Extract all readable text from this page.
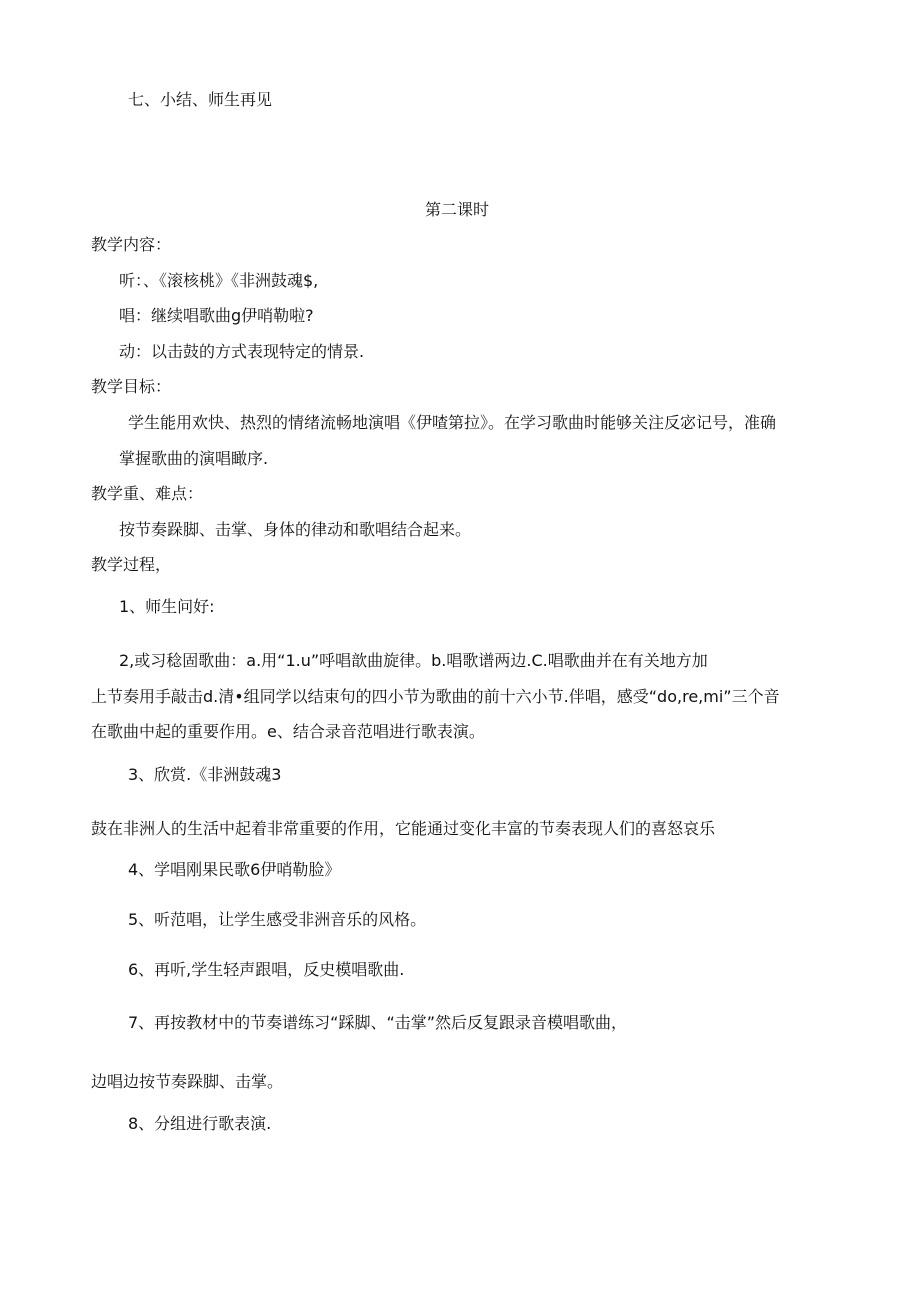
七、小结、师生再见
第二课时
教学内容：
听：、《滚核桃》《非洲鼓魂$,
唱：继续唱歌曲g伊哨勒啦?
动：以击鼓的方式表现特定的情景.
教学目标：
学生能用欢快、热烈的情绪流畅地演唱《伊喳第拉》。在学习歌曲时能够关注反宓记号，准确
掌握歌曲的演唱瞰序.
教学重、难点：
按节奏跺脚、击掌、身体的律动和歌唱结合起来。
教学过程，
1、师生问好:
2,或习稔固歌曲：a.用“1.u”呼唱歆曲旋律。b.唱歌谱两边.C.唱歌曲并在有关地方加
上节奏用手敲击d.清•组同学以结束句的四小节为歌曲的前十六小节.伴唱，感受“do,re,mi”三个音
在歌曲中起的重要作用。e、结合录音范唱进行歌表演。
3、欣赏.《非洲鼓魂3
鼓在非洲人的生活中起着非常重要的作用，它能通过变化丰富的节奏表现人们的喜怒哀乐
4、学唱刚果民歌6伊哨勒脸》
5、听范唱，让学生感受非洲音乐的风格。
6、再听,学生轻声跟唱，反史模唱歌曲.
7、再按教材中的节奏谱练习“踩脚、“击掌”然后反复跟录音模唱歌曲，
边唱边按节奏跺脚、击掌。
8、分组进行歌表演.
